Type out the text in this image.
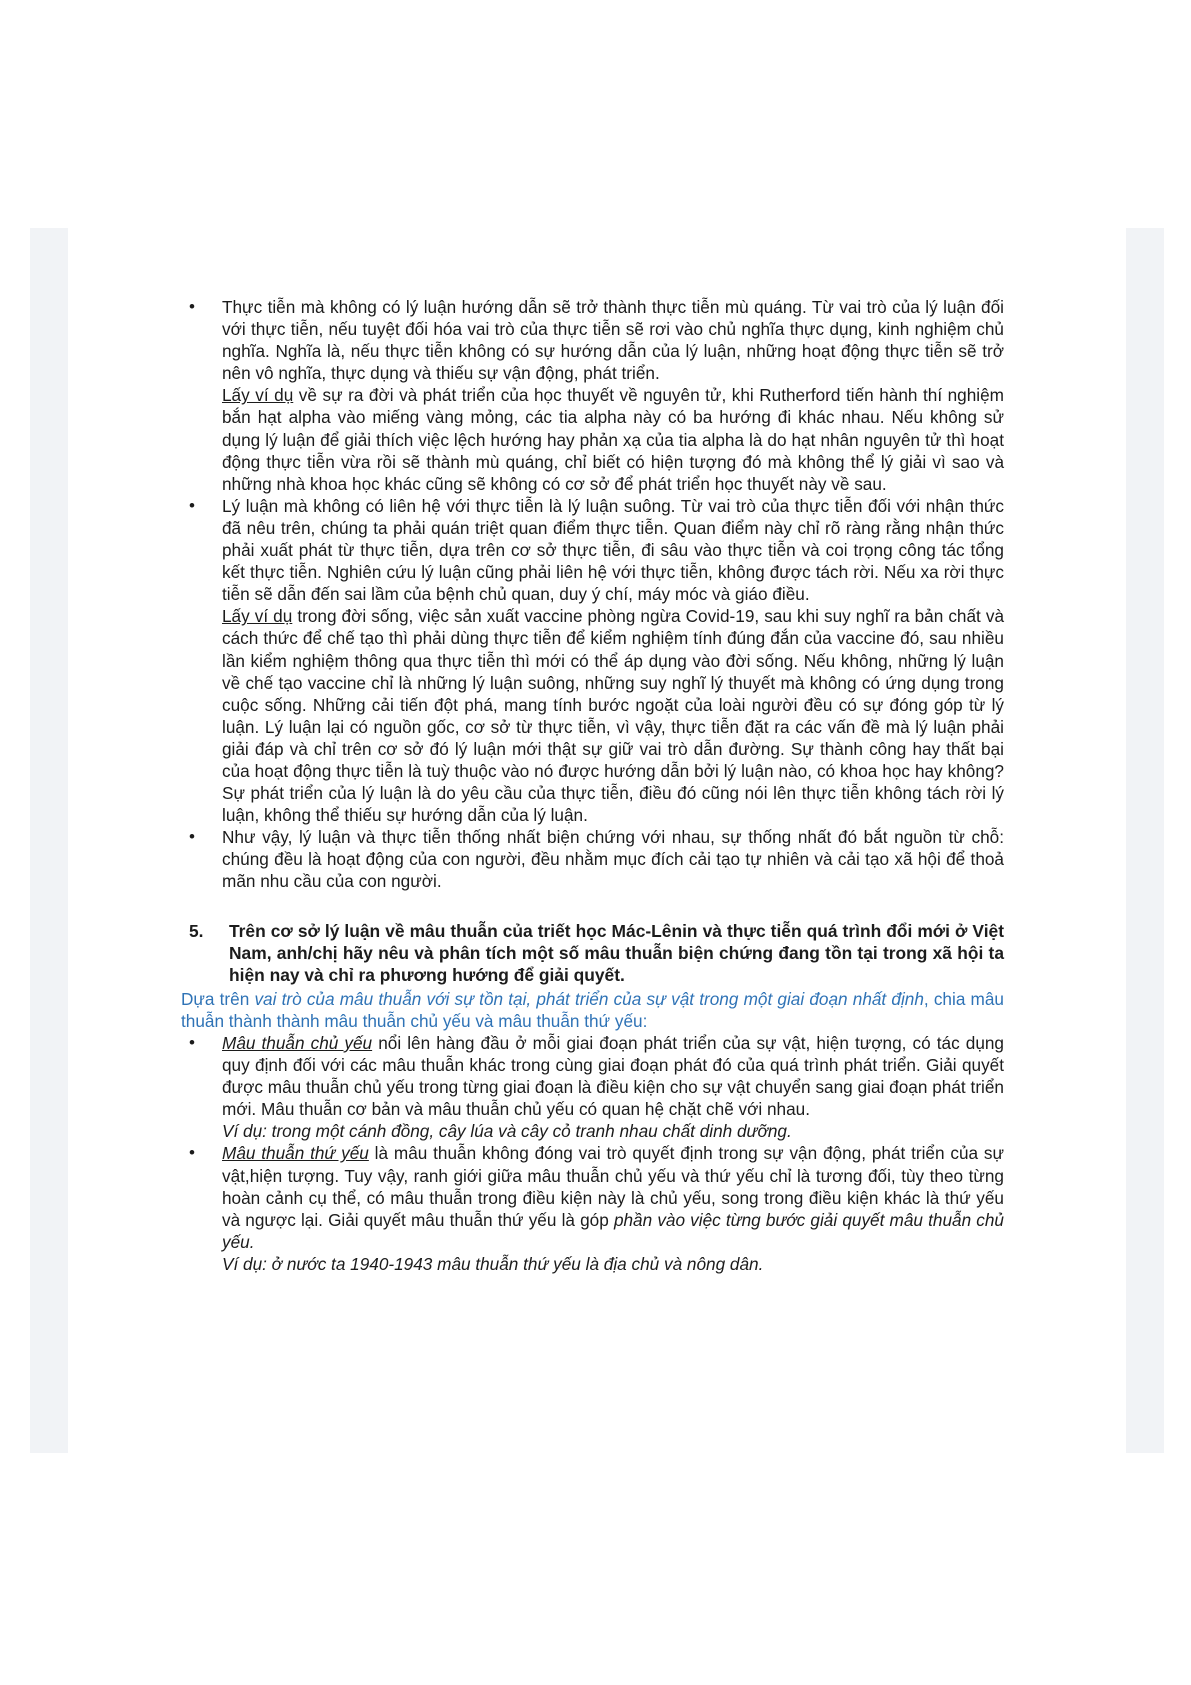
• Thực tiễn mà không có lý luận hướng dẫn sẽ trở thành thực tiễn mù quáng. Từ vai trò của lý luận đối với thực tiễn, nếu tuyệt đối hóa vai trò của thực tiễn sẽ rơi vào chủ nghĩa thực dụng, kinh nghiệm chủ nghĩa. Nghĩa là, nếu thực tiễn không có sự hướng dẫn của lý luận, những hoạt động thực tiễn sẽ trở nên vô nghĩa, thực dụng và thiếu sự vận động, phát triển.

Lấy ví dụ về sự ra đời và phát triển của học thuyết về nguyên tử, khi Rutherford tiến hành thí nghiệm bắn hạt alpha vào miếng vàng mỏng, các tia alpha này có ba hướng đi khác nhau. Nếu không sử dụng lý luận để giải thích việc lệch hướng hay phản xạ của tia alpha là do hạt nhân nguyên tử thì hoạt động thực tiễn vừa rồi sẽ thành mù quáng, chỉ biết có hiện tượng đó mà không thể lý giải vì sao và những nhà khoa học khác cũng sẽ không có cơ sở để phát triển học thuyết này về sau.

• Lý luận mà không có liên hệ với thực tiễn là lý luận suông. Từ vai trò của thực tiễn đối với nhận thức đã nêu trên, chúng ta phải quán triệt quan điểm thực tiễn. Quan điểm này chỉ rõ ràng rằng nhận thức phải xuất phát từ thực tiễn, dựa trên cơ sở thực tiễn, đi sâu vào thực tiễn và coi trọng công tác tổng kết thực tiễn. Nghiên cứu lý luận cũng phải liên hệ với thực tiễn, không được tách rời. Nếu xa rời thực tiễn sẽ dẫn đến sai lầm của bệnh chủ quan, duy ý chí, máy móc và giáo điều.

Lấy ví dụ trong đời sống, việc sản xuất vaccine phòng ngừa Covid-19, sau khi suy nghĩ ra bản chất và cách thức để chế tạo thì phải dùng thực tiễn để kiểm nghiệm tính đúng đắn của vaccine đó, sau nhiều lần kiểm nghiệm thông qua thực tiễn thì mới có thể áp dụng vào đời sống. Nếu không, những lý luận về chế tạo vaccine chỉ là những lý luận suông, những suy nghĩ lý thuyết mà không có ứng dụng trong cuộc sống. Những cải tiến đột phá, mang tính bước ngoặt của loài người đều có sự đóng góp từ lý luận. Lý luận lại có nguồn gốc, cơ sở từ thực tiễn, vì vậy, thực tiễn đặt ra các vấn đề mà lý luận phải giải đáp và chỉ trên cơ sở đó lý luận mới thật sự giữ vai trò dẫn đường. Sự thành công hay thất bại của hoạt động thực tiễn là tuỳ thuộc vào nó được hướng dẫn bởi lý luận nào, có khoa học hay không? Sự phát triển của lý luận là do yêu cầu của thực tiễn, điều đó cũng nói lên thực tiễn không tách rời lý luận, không thể thiếu sự hướng dẫn của lý luận.

• Như vậy, lý luận và thực tiễn thống nhất biện chứng với nhau, sự thống nhất đó bắt nguồn từ chỗ: chúng đều là hoạt động của con người, đều nhằm mục đích cải tạo tự nhiên và cải tạo xã hội để thoả mãn nhu cầu của con người.

5.	Trên cơ sở lý luận về mâu thuẫn của triết học Mác-Lênin và thực tiễn quá trình đổi mới ở Việt Nam, anh/chị hãy nêu và phân tích một số mâu thuẫn biện chứng đang tồn tại trong xã hội ta hiện nay và chỉ ra phương hướng để giải quyết.

Dựa trên vai trò của mâu thuẫn với sự tồn tại, phát triển của sự vật trong một giai đoạn nhất định, chia mâu thuẫn thành thành mâu thuẫn chủ yếu và mâu thuẫn thứ yếu:

• Mâu thuẫn chủ yếu nổi lên hàng đầu ở mỗi giai đoạn phát triển của sự vật, hiện tượng, có tác dụng quy định đối với các mâu thuẫn khác trong cùng giai đoạn phát đó của quá trình phát triển. Giải quyết được mâu thuẫn chủ yếu trong từng giai đoạn là điều kiện cho sự vật chuyển sang giai đoạn phát triển mới. Mâu thuẫn cơ bản và mâu thuẫn chủ yếu có quan hệ chặt chẽ với nhau.

Ví dụ: trong một cánh đồng, cây lúa và cây cỏ tranh nhau chất dinh dưỡng.

• Mâu thuẫn thứ yếu là mâu thuẫn không đóng vai trò quyết định trong sự vận động, phát triển của sự vật,hiện tượng. Tuy vậy, ranh giới giữa mâu thuẫn chủ yếu và thứ yếu chỉ là tương đối, tùy theo từng hoàn cảnh cụ thể, có mâu thuẫn trong điều kiện này là chủ yếu, song trong điều kiện khác là thứ yếu và ngược lại. Giải quyết mâu thuẫn thứ yếu là góp phần vào việc từng bước giải quyết mâu thuẫn chủ yếu.

Ví dụ: ở nước ta 1940-1943 mâu thuẫn thứ yếu là địa chủ và nông dân.
